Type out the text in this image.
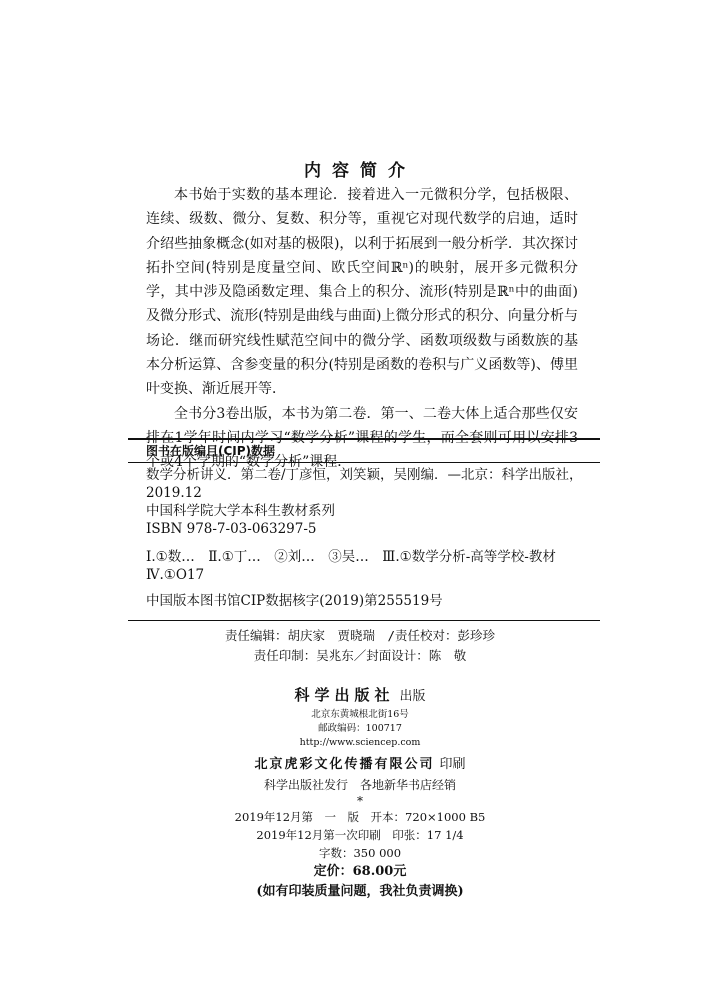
内容简介

本书始于实数的基本理论．接着进入一元微积分学，包括极限、连续、级数、微分、复数、积分等，重视它对现代数学的启迪，适时介绍些抽象概念(如对基的极限)，以利于拓展到一般分析学．其次探讨拓扑空间(特别是度量空间、欧氏空间ℝⁿ)的映射，展开多元微积分学，其中涉及隐函数定理、集合上的积分、流形(特别是ℝⁿ中的曲面)及微分形式、流形(特别是曲线与曲面)上微分形式的积分、向量分析与场论．继而研究线性赋范空间中的微分学、函数项级数与函数族的基本分析运算、含参变量的积分(特别是函数的卷积与广义函数等)、傅里叶变换、渐近展开等．

全书分3卷出版，本书为第二卷．第一、二卷大体上适合那些仅安排在1学年时间内学习“数学分析”课程的学生，而全套则可用以安排3个或4个学期的“数学分析”课程．

图书在版编目(CIP)数据
数学分析讲义．第二卷/丁彦恒，刘笑颖，吴刚编．—北京：科学出版社，
2019.12
中国科学院大学本科生教材系列
ISBN 978-7-03-063297-5
Ⅰ.①数…　Ⅱ.①丁…　②刘…　③吴…　Ⅲ.①数学分析-高等学校-教材
Ⅳ.①O17
中国版本图书馆CIP数据核字(2019)第255519号
责任编辑：胡庆家　贾晓瑞　/责任校对：彭珍珍
责任印制：吴兆东／封面设计：陈　敬
科学出版社 出版
北京东黄城根北街16号
邮政编码：100717
http://www.sciencep.com
北京虎彩文化传播有限公司 印刷
科学出版社发行　各地新华书店经销
*
2019年12月第　一　版　开本：720×1000 B5
2019年12月第一次印刷　印张：17 1/4
字数：350 000
定价：68.00元
(如有印装质量问题，我社负责调换)
